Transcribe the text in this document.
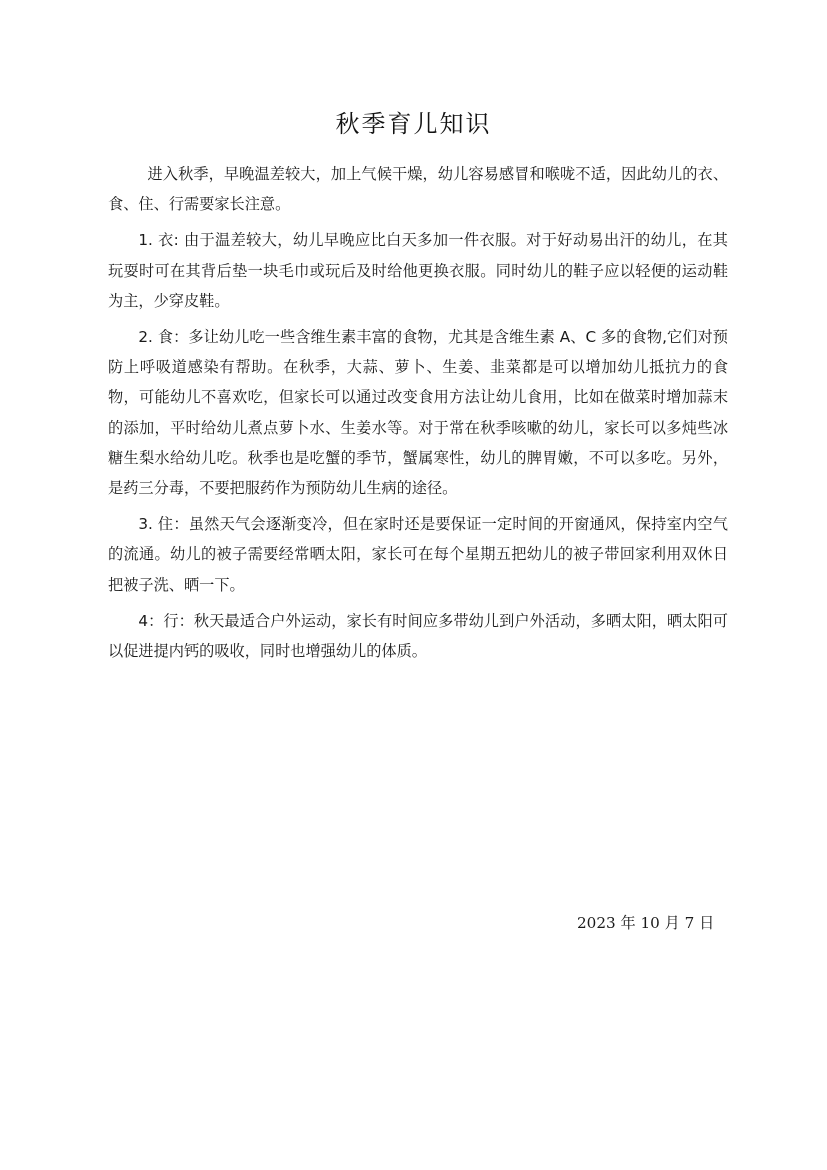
秋季育儿知识

进入秋季，早晚温差较大，加上气候干燥，幼儿容易感冒和喉咙不适，因此幼儿的衣、食、住、行需要家长注意。

1. 衣: 由于温差较大，幼儿早晚应比白天多加一件衣服。对于好动易出汗的幼儿，在其玩耍时可在其背后垫一块毛巾或玩后及时给他更换衣服。同时幼儿的鞋子应以轻便的运动鞋为主，少穿皮鞋。

2. 食：多让幼儿吃一些含维生素丰富的食物，尤其是含维生素 A、C 多的食物,它们对预防上呼吸道感染有帮助。在秋季，大蒜、萝卜、生姜、韭菜都是可以增加幼儿抵抗力的食物，可能幼儿不喜欢吃，但家长可以通过改变食用方法让幼儿食用，比如在做菜时增加蒜末的添加，平时给幼儿煮点萝卜水、生姜水等。对于常在秋季咳嗽的幼儿，家长可以多炖些冰糖生梨水给幼儿吃。秋季也是吃蟹的季节，蟹属寒性，幼儿的脾胃嫩，不可以多吃。另外，是药三分毒，不要把服药作为预防幼儿生病的途径。

3. 住：虽然天气会逐渐变冷，但在家时还是要保证一定时间的开窗通风，保持室内空气的流通。幼儿的被子需要经常晒太阳，家长可在每个星期五把幼儿的被子带回家利用双休日把被子洗、晒一下。

4：行：秋天最适合户外运动，家长有时间应多带幼儿到户外活动，多晒太阳，晒太阳可以促进提内钙的吸收，同时也增强幼儿的体质。

2023 年 10 月 7 日
